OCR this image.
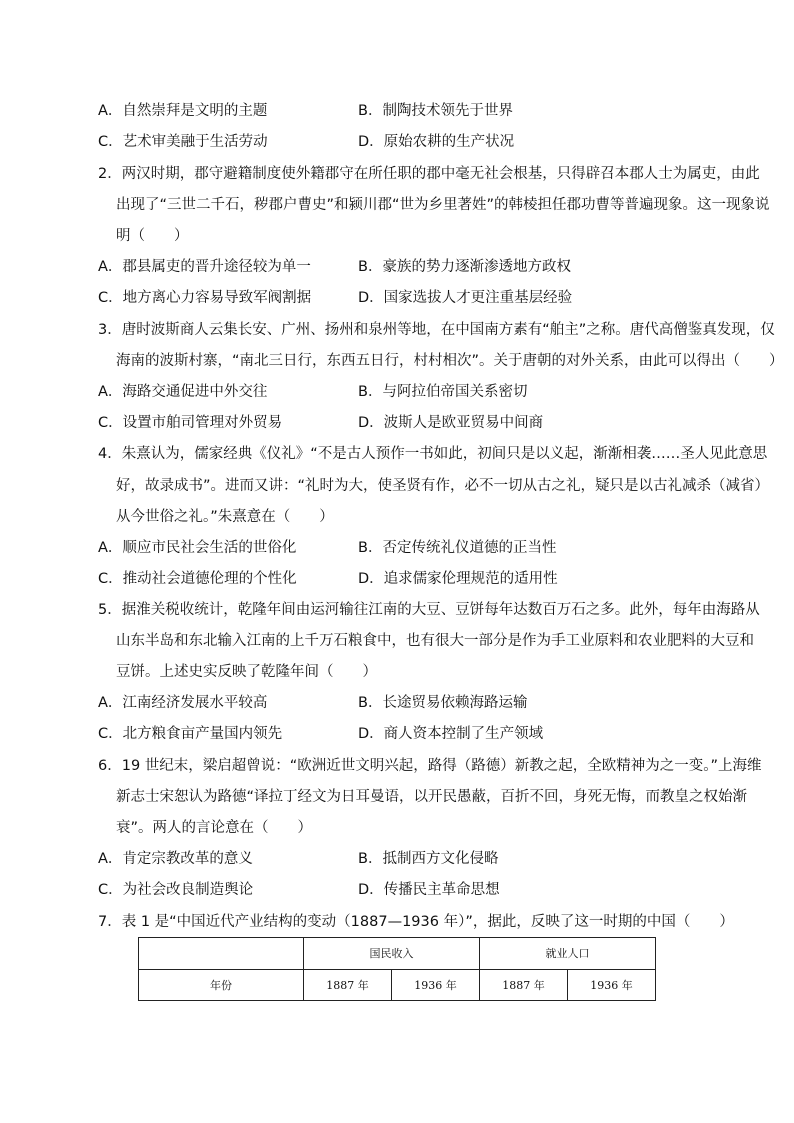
A．自然崇拜是文明的主题	B．制陶技术领先于世界
C．艺术审美融于生活劳动	D．原始农耕的生产状况
2．两汉时期，郡守避籍制度使外籍郡守在所任职的郡中毫无社会根基，只得辟召本郡人士为属吏，由此
出现了“三世二千石，秽郡户曹史”和颍川郡“世为乡里著姓”的韩棱担任郡功曹等普遍现象。这一现象说
明（　　）
A．郡县属吏的晋升途径较为单一	B．豪族的势力逐渐渗透地方政权
C．地方离心力容易导致军阀割据	D．国家选拔人才更注重基层经验
3．唐时波斯商人云集长安、广州、扬州和泉州等地，在中国南方素有“舶主”之称。唐代高僧鉴真发现，仅
海南的波斯村寨，“南北三日行，东西五日行，村村相次”。关于唐朝的对外关系，由此可以得出（　　）
A．海路交通促进中外交往	B．与阿拉伯帝国关系密切
C．设置市舶司管理对外贸易	D．波斯人是欧亚贸易中间商
4．朱熹认为，儒家经典《仪礼》“不是古人预作一书如此，初间只是以义起，渐渐相袭……圣人见此意思
好，故录成书”。进而又讲：“礼时为大，使圣贤有作，必不一切从古之礼，疑只是以古礼减杀（减省）
从今世俗之礼。”朱熹意在（　　）
A．顺应市民社会生活的世俗化	B．否定传统礼仪道德的正当性
C．推动社会道德伦理的个性化	D．追求儒家伦理规范的适用性
5．据淮关税收统计，乾隆年间由运河输往江南的大豆、豆饼每年达数百万石之多。此外，每年由海路从
山东半岛和东北输入江南的上千万石粮食中，也有很大一部分是作为手工业原料和农业肥料的大豆和
豆饼。上述史实反映了乾隆年间（　　）
A．江南经济发展水平较高	B．长途贸易依赖海路运输
C．北方粮食亩产量国内领先	D．商人资本控制了生产领域
6．19 世纪末，梁启超曾说：“欧洲近世文明兴起，路得（路德）新教之起，全欧精神为之一变。”上海维
新志士宋恕认为路德“译拉丁经文为日耳曼语，以开民愚蔽，百折不回，身死无悔，而教皇之权始渐
衰”。两人的言论意在（　　）
A．肯定宗教改革的意义	B．抵制西方文化侵略
C．为社会改良制造舆论	D．传播民主革命思想
7．表 1 是“中国近代产业结构的变动（1887—1936 年）”，据此，反映了这一时期的中国（　　）
	国民收入		就业人口	
年份	1887 年	1936 年	1887 年	1936 年
